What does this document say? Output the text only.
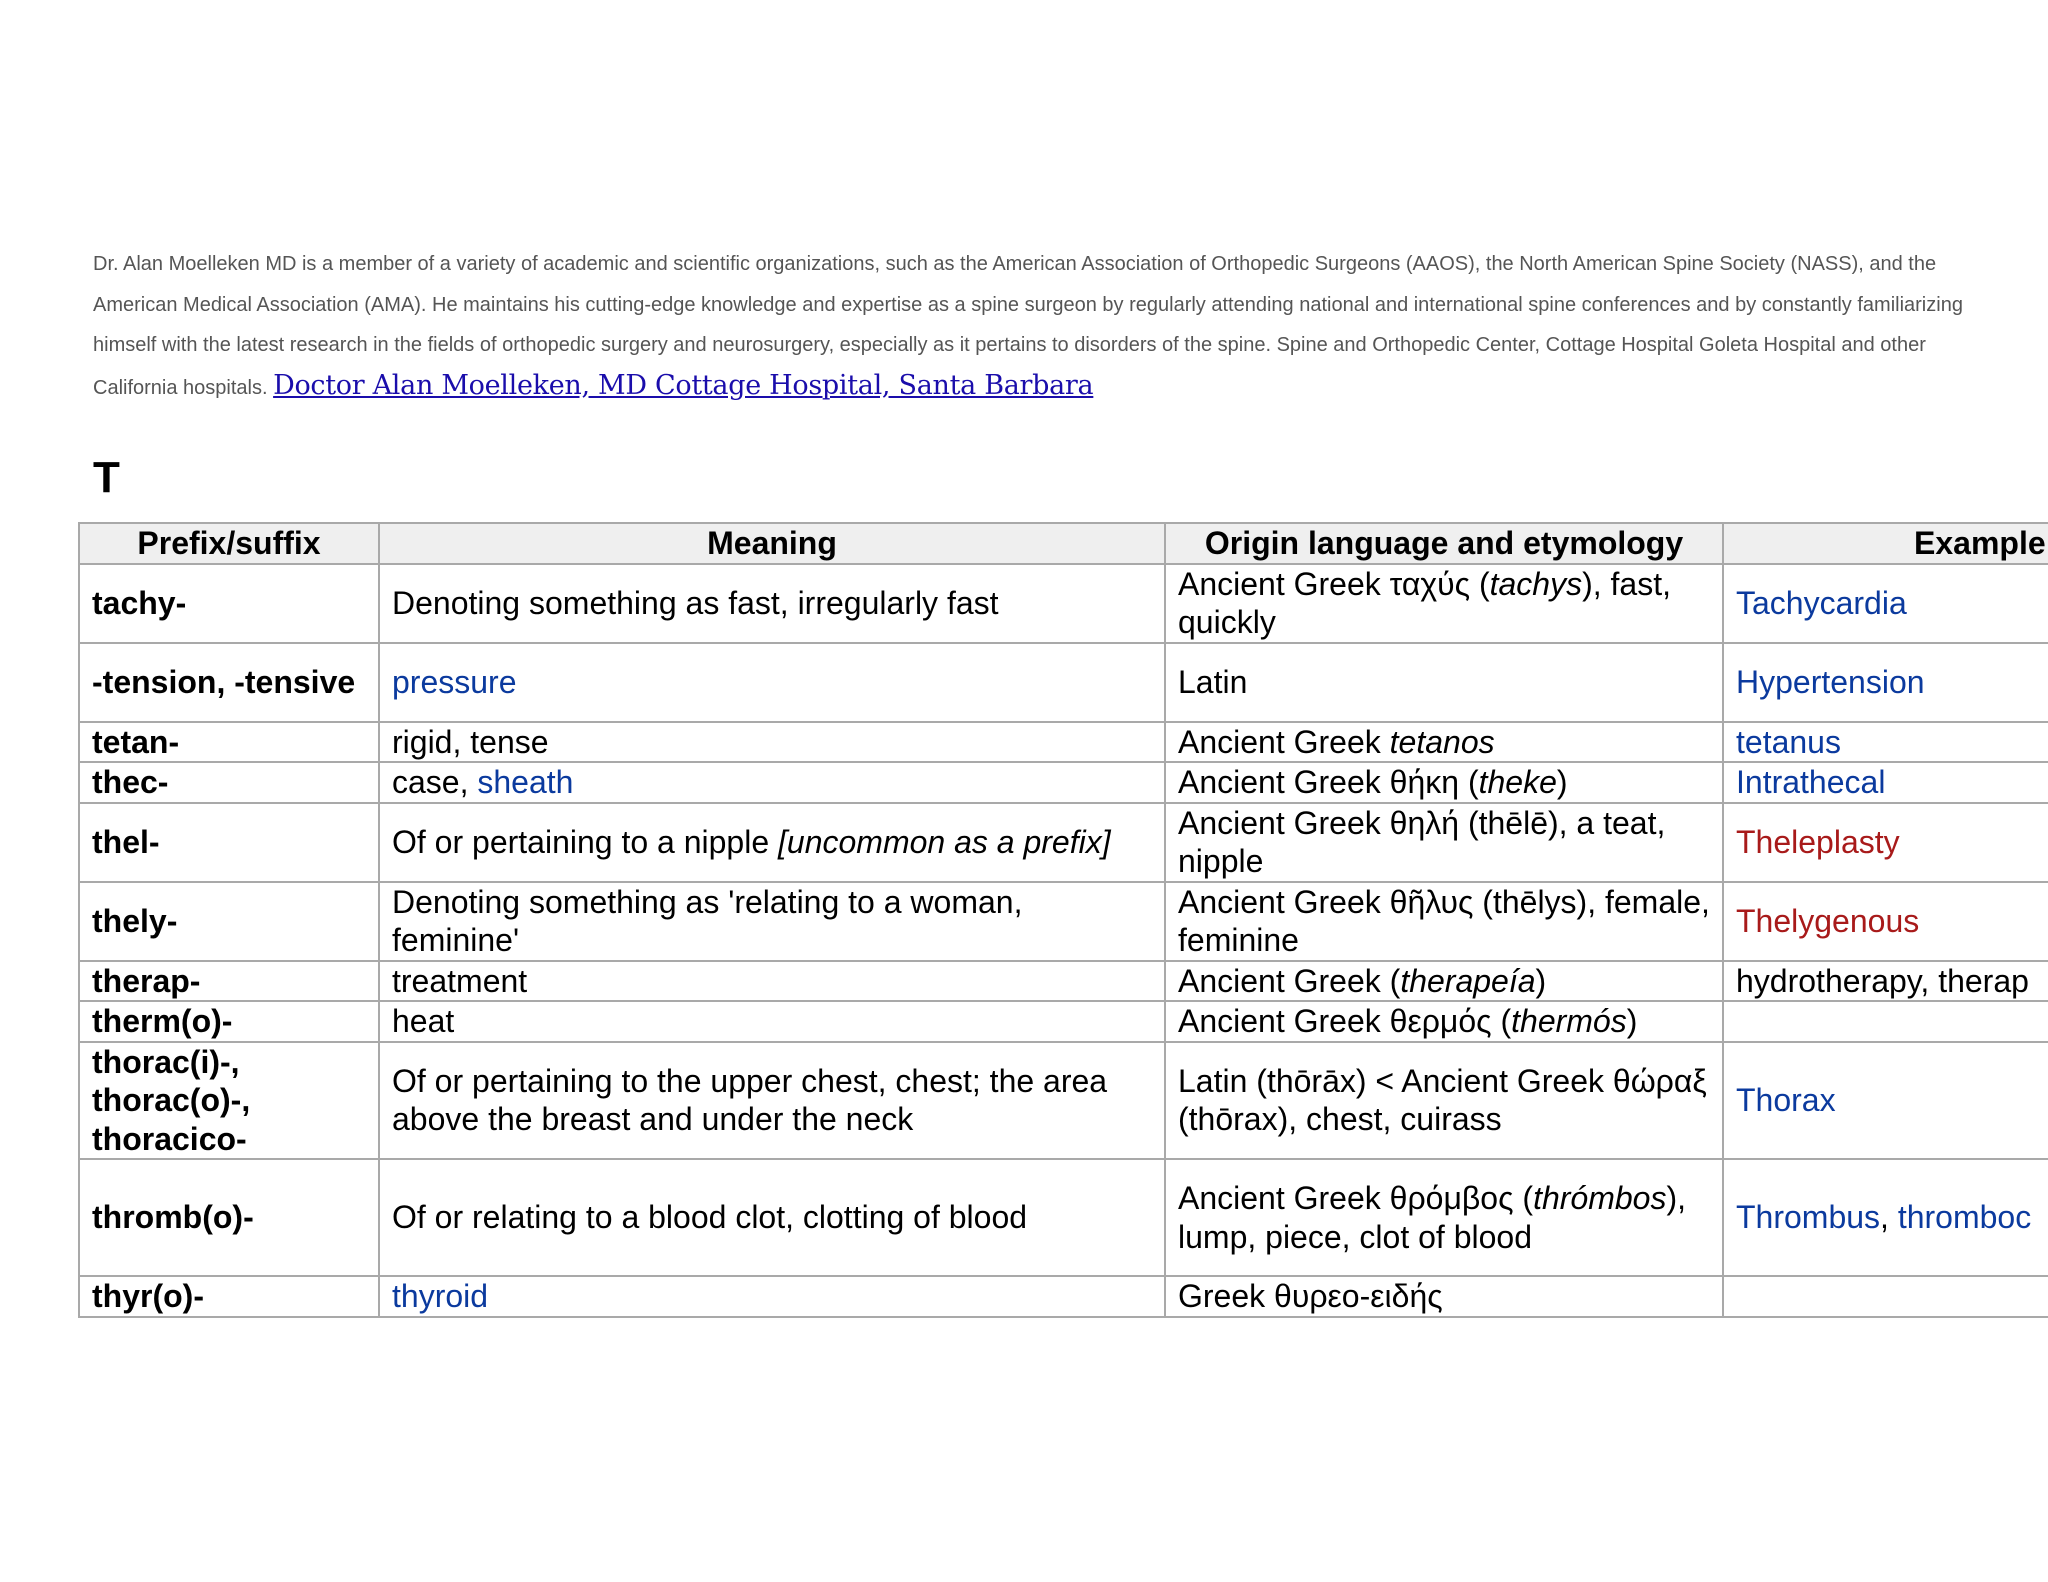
Dr. Alan Moelleken MD is a member of a variety of academic and scientific organizations, such as the American Association of Orthopedic Surgeons (AAOS), the North American Spine Society (NASS), and the American Medical Association (AMA). He maintains his cutting-edge knowledge and expertise as a spine surgeon by regularly attending national and international spine conferences and by constantly familiarizing himself with the latest research in the fields of orthopedic surgery and neurosurgery, especially as it pertains to disorders of the spine. Spine and Orthopedic Center, Cottage Hospital Goleta Hospital and other California hospitals. Doctor Alan Moelleken, MD Cottage Hospital, Santa Barbara
T
Prefix/suffix	Meaning	Origin language and etymology	Example
tachy-	Denoting something as fast, irregularly fast	Ancient Greek ταχύς (tachys), fast, quickly	Tachycardia
-tension, -tensive	pressure	Latin	Hypertension
tetan-	rigid, tense	Ancient Greek tetanos	tetanus
thec-	case, sheath	Ancient Greek θήκη (theke)	Intrathecal
thel-	Of or pertaining to a nipple [uncommon as a prefix]	Ancient Greek θηλή (thēlē), a teat, nipple	Theleplasty
thely-	Denoting something as 'relating to a woman, feminine'	Ancient Greek θῆλυς (thēlys), female, feminine	Thelygenous
therap-	treatment	Ancient Greek (therapeía)	hydrotherapy, therap
therm(o)-	heat	Ancient Greek θερμός (thermós)	

thorac(i)-,
thorac(o)-,
thoracico-	Of or pertaining to the upper chest, chest; the area above the breast and under the neck	Latin (thōrāx) < Ancient Greek θώραξ (thōrax), chest, cuirass	Thorax
thromb(o)-	Of or relating to a blood clot, clotting of blood	Ancient Greek θρόμβος (thrómbos), lump, piece, clot of blood	Thrombus, thromboc
thyr(o)-	thyroid	Greek θυρεο-ειδής	
